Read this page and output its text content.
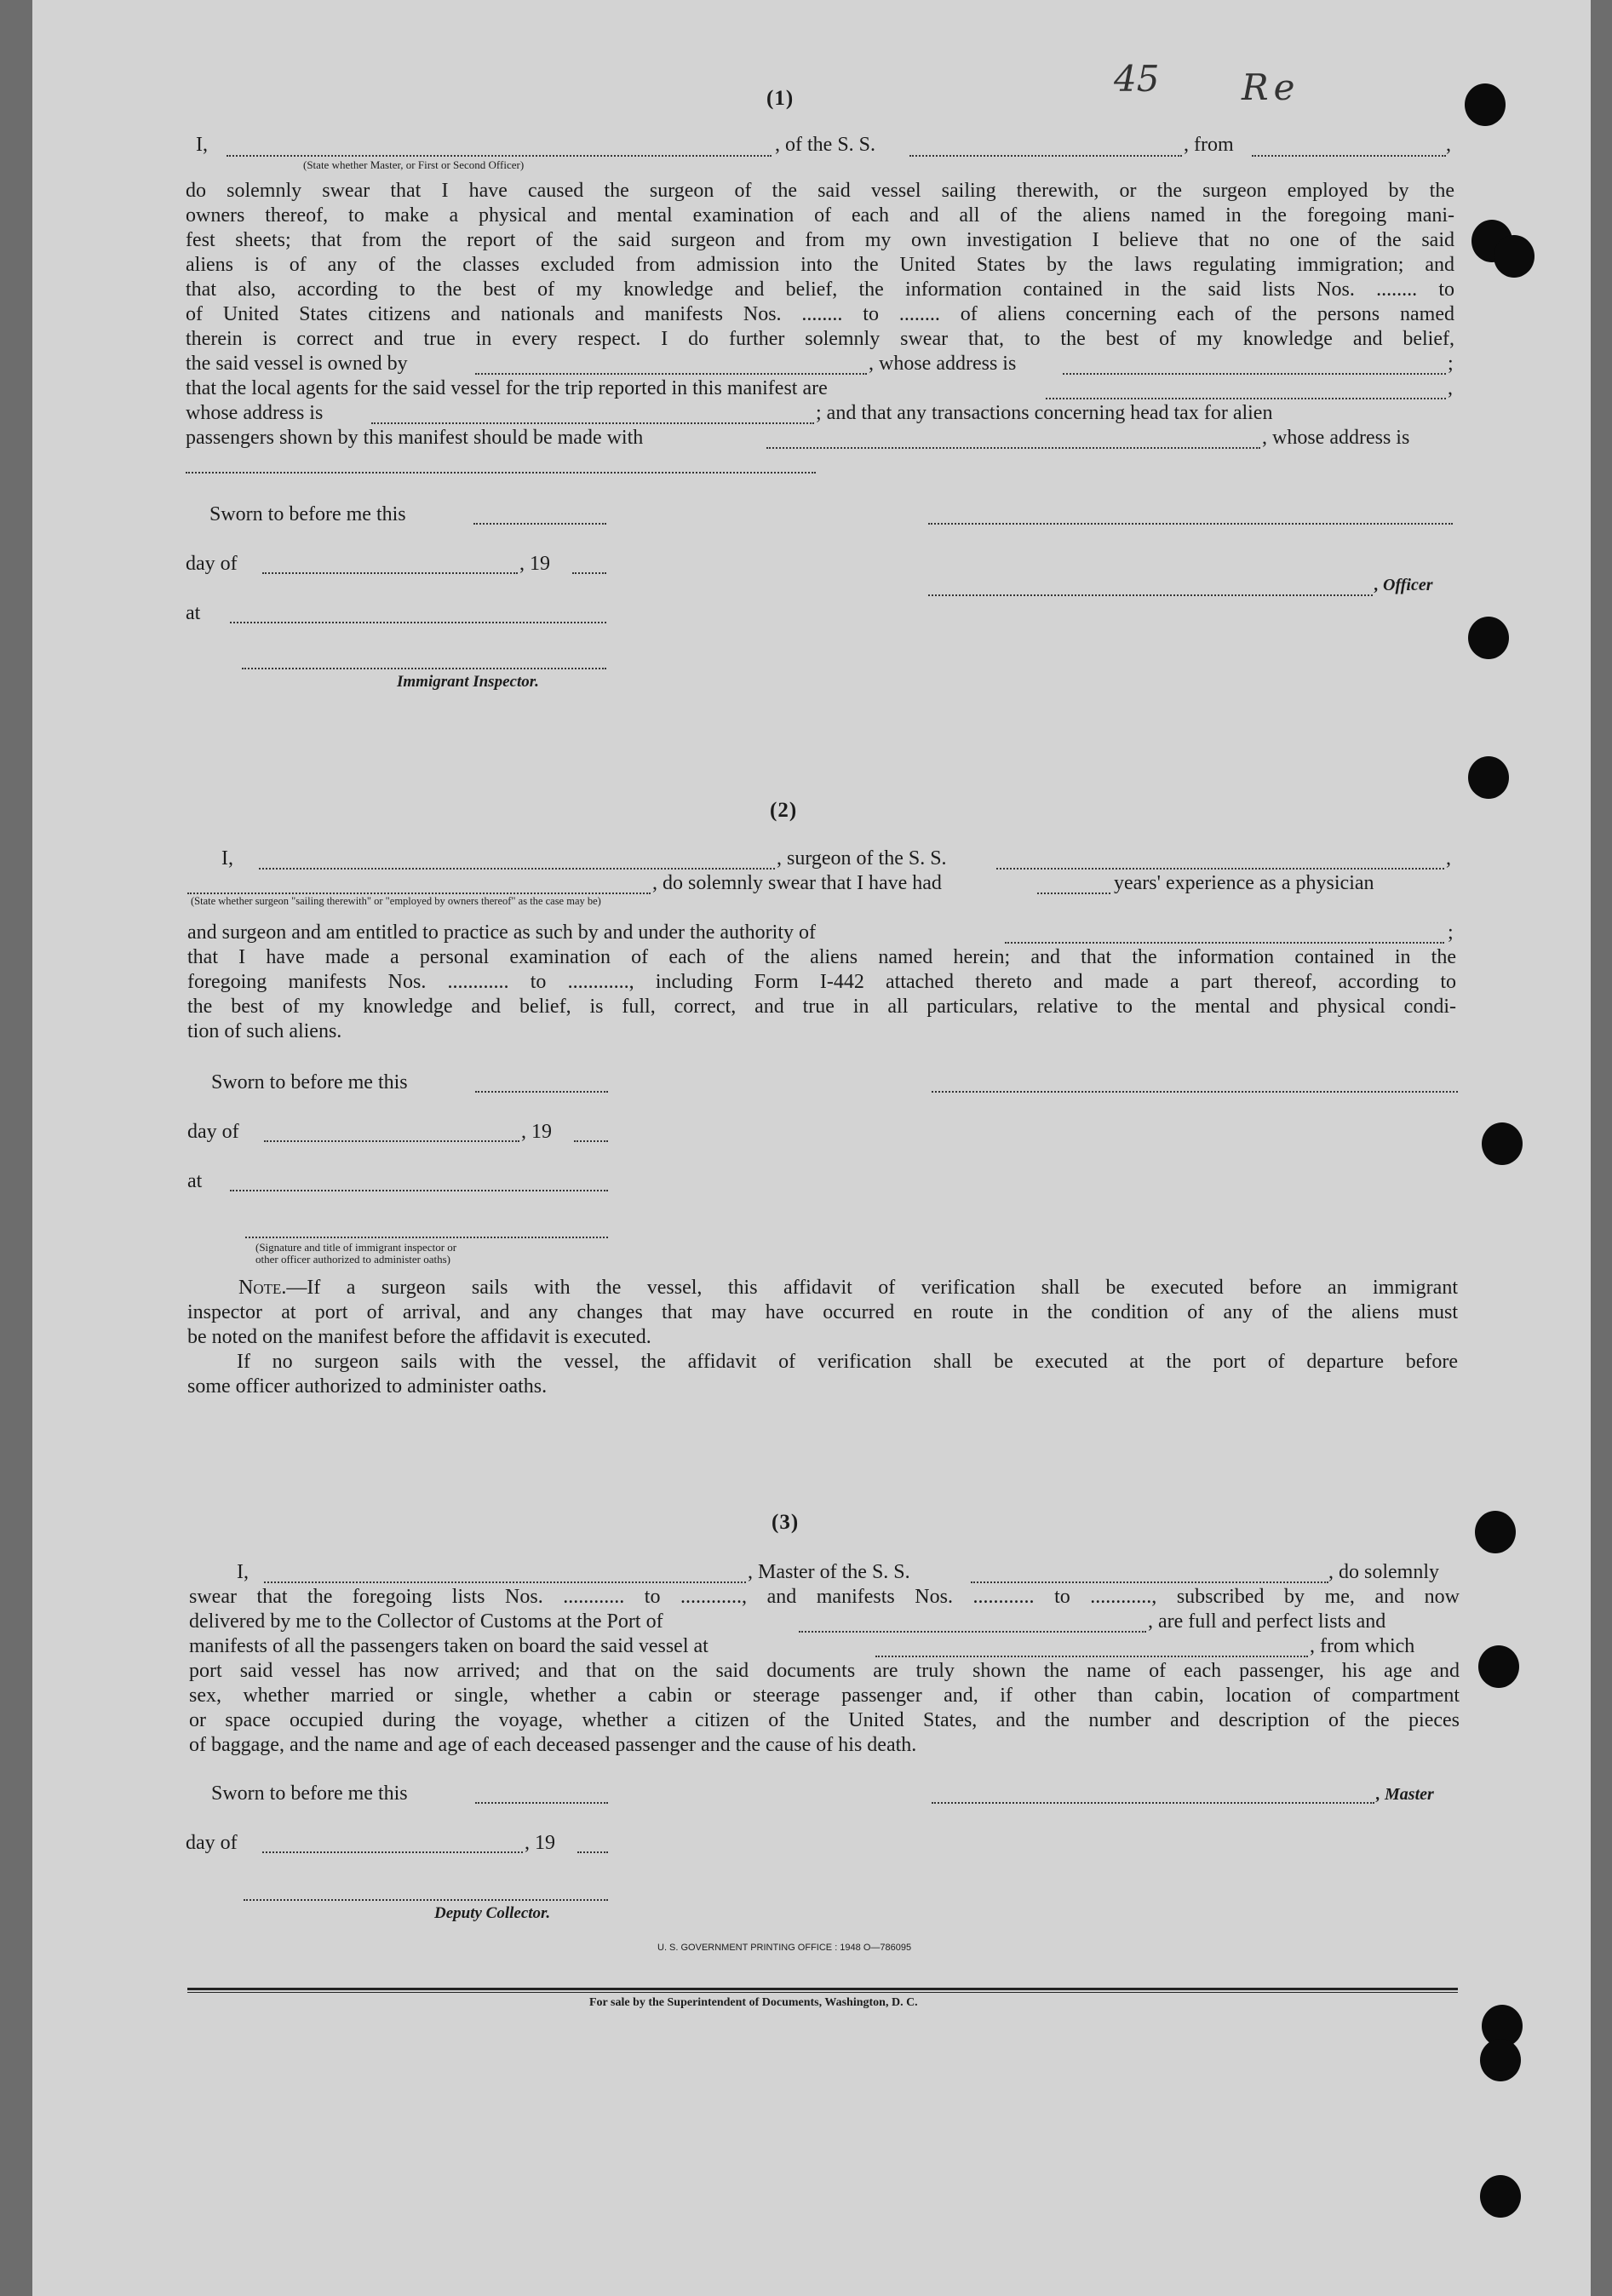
45 Re
(1)
I,
(State whether Master, or First or Second Officer)
, of the S. S.	, from	,
do solemnly swear that I have caused the surgeon of the said vessel sailing therewith, or the surgeon employed by the
owners thereof, to make a physical and mental examination of each and all of the aliens named in the foregoing mani-
fest sheets; that from the report of the said surgeon and from my own investigation I believe that no one of the said
aliens is of any of the classes excluded from admission into the United States by the laws regulating immigration; and
that also, according to the best of my knowledge and belief, the information contained in the said lists Nos. ........ to
of United States citizens and nationals and manifests Nos. ........ to ........ of aliens concerning each of the persons named
therein is correct and true in every respect. I do further solemnly swear that, to the best of my knowledge and belief,
the said vessel is owned by	, whose address is	;
that the local agents for the said vessel for the trip reported in this manifest are	,
whose address is	; and that any transactions concerning head tax for alien
passengers shown by this manifest should be made with	, whose address is
Sworn to before me this
day of	, 19
, Officer
at
Immigrant Inspector.
(2)
I,	, surgeon of the S. S.	,
, do solemnly swear that I have had	years' experience as a physician
(State whether surgeon "sailing therewith" or "employed by owners thereof" as the case may be)
and surgeon and am entitled to practice as such by and under the authority of	;
that I have made a personal examination of each of the aliens named herein; and that the information contained in the
foregoing manifests Nos. ............ to ............, including Form I-442 attached thereto and made a part thereof, according to
the best of my knowledge and belief, is full, correct, and true in all particulars, relative to the mental and physical condi-
tion of such aliens.
Sworn to before me this
day of	, 19
at
(Signature and title of immigrant inspector or
other officer authorized to administer oaths)
Note.—If a surgeon sails with the vessel, this affidavit of verification shall be executed before an immigrant
inspector at port of arrival, and any changes that may have occurred en route in the condition of any of the aliens must
be noted on the manifest before the affidavit is executed.
If no surgeon sails with the vessel, the affidavit of verification shall be executed at the port of departure before
some officer authorized to administer oaths.
(3)
I,	, Master of the S. S.	, do solemnly
swear that the foregoing lists Nos. ............ to ............, and manifests Nos. ............ to ............, subscribed by me, and now
delivered by me to the Collector of Customs at the Port of	, are full and perfect lists and
manifests of all the passengers taken on board the said vessel at	, from which
port said vessel has now arrived; and that on the said documents are truly shown the name of each passenger, his age and
sex, whether married or single, whether a cabin or steerage passenger and, if other than cabin, location of compartment
or space occupied during the voyage, whether a citizen of the United States, and the number and description of the pieces
of baggage, and the name and age of each deceased passenger and the cause of his death.
Sworn to before me this	, Master
day of	, 19
Deputy Collector.
U. S. GOVERNMENT PRINTING OFFICE : 1948 O—786095
For sale by the Superintendent of Documents, Washington, D. C.
